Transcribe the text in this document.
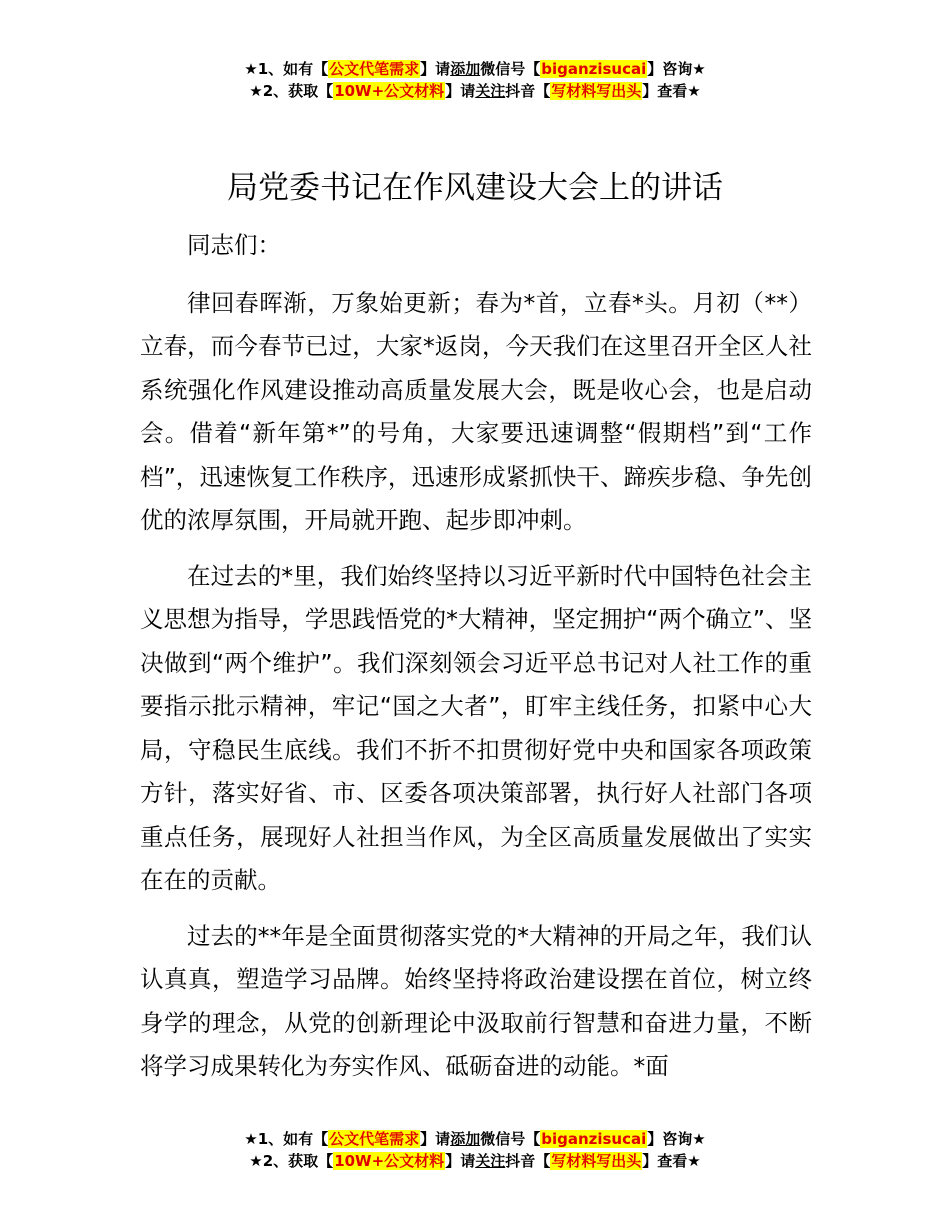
★1、如有【公文代笔需求】请添加微信号【biganzisucai】咨询★
★2、获取【10W+公文材料】请关注抖音【写材料写出头】查看★
局党委书记在作风建设大会上的讲话

同志们：

律回春晖渐，万象始更新；春为*首，立春*头。月初（**）立春，而今春节已过，大家*返岗，今天我们在这里召开全区人社系统强化作风建设推动高质量发展大会，既是收心会，也是启动会。借着“新年第*”的号角，大家要迅速调整“假期档”到“工作档”，迅速恢复工作秩序，迅速形成紧抓快干、蹄疾步稳、争先创优的浓厚氛围，开局就开跑、起步即冲刺。

在过去的*里，我们始终坚持以习近平新时代中国特色社会主义思想为指导，学思践悟党的*大精神，坚定拥护“两个确立”、坚决做到“两个维护”。我们深刻领会习近平总书记对人社工作的重要指示批示精神，牢记“国之大者”，盯牢主线任务，扣紧中心大局，守稳民生底线。我们不折不扣贯彻好党中央和国家各项政策方针，落实好省、市、区委各项决策部署，执行好人社部门各项重点任务，展现好人社担当作风，为全区高质量发展做出了实实在在的贡献。

过去的**年是全面贯彻落实党的*大精神的开局之年，我们认认真真，塑造学习品牌。始终坚持将政治建设摆在首位，树立终身学的理念，从党的创新理论中汲取前行智慧和奋进力量，不断将学习成果转化为夯实作风、砥砺奋进的动能。*面

★1、如有【公文代笔需求】请添加微信号【biganzisucai】咨询★
★2、获取【10W+公文材料】请关注抖音【写材料写出头】查看★
